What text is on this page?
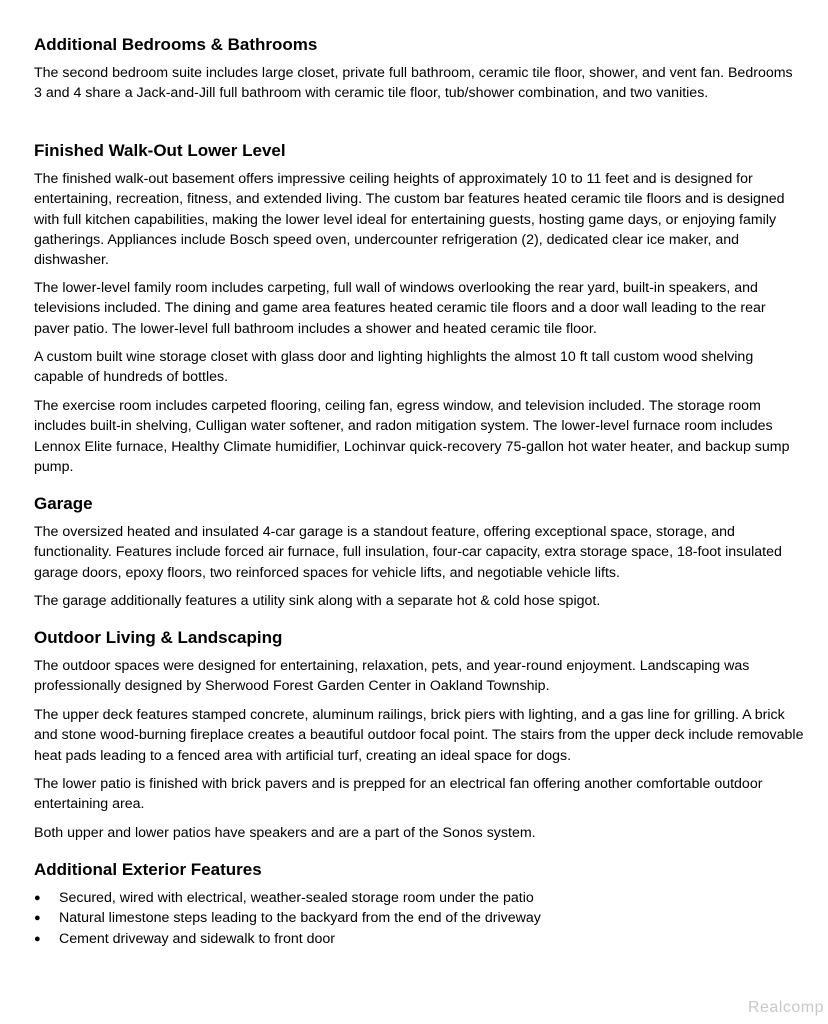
Additional Bedrooms & Bathrooms

The second bedroom suite includes large closet, private full bathroom, ceramic tile floor, shower, and vent fan. Bedrooms 3 and 4 share a Jack-and-Jill full bathroom with ceramic tile floor, tub/shower combination, and two vanities.

Finished Walk-Out Lower Level

The finished walk-out basement offers impressive ceiling heights of approximately 10 to 11 feet and is designed for entertaining, recreation, fitness, and extended living. The custom bar features heated ceramic tile floors and is designed with full kitchen capabilities, making the lower level ideal for entertaining guests, hosting game days, or enjoying family gatherings. Appliances include Bosch speed oven, undercounter refrigeration (2), dedicated clear ice maker, and dishwasher.

The lower-level family room includes carpeting, full wall of windows overlooking the rear yard, built-in speakers, and televisions included. The dining and game area features heated ceramic tile floors and a door wall leading to the rear paver patio. The lower-level full bathroom includes a shower and heated ceramic tile floor.

A custom built wine storage closet with glass door and lighting highlights the almost 10 ft tall custom wood shelving capable of hundreds of bottles.

The exercise room includes carpeted flooring, ceiling fan, egress window, and television included. The storage room includes built-in shelving, Culligan water softener, and radon mitigation system. The lower-level furnace room includes Lennox Elite furnace, Healthy Climate humidifier, Lochinvar quick-recovery 75-gallon hot water heater, and backup sump pump.

Garage

The oversized heated and insulated 4-car garage is a standout feature, offering exceptional space, storage, and functionality. Features include forced air furnace, full insulation, four-car capacity, extra storage space, 18-foot insulated garage doors, epoxy floors, two reinforced spaces for vehicle lifts, and negotiable vehicle lifts.

The garage additionally features a utility sink along with a separate hot & cold hose spigot.

Outdoor Living & Landscaping

The outdoor spaces were designed for entertaining, relaxation, pets, and year-round enjoyment. Landscaping was professionally designed by Sherwood Forest Garden Center in Oakland Township.

The upper deck features stamped concrete, aluminum railings, brick piers with lighting, and a gas line for grilling. A brick and stone wood-burning fireplace creates a beautiful outdoor focal point. The stairs from the upper deck include removable heat pads leading to a fenced area with artificial turf, creating an ideal space for dogs.

The lower patio is finished with brick pavers and is prepped for an electrical fan offering another comfortable outdoor entertaining area.

Both upper and lower patios have speakers and are a part of the Sonos system.

Additional Exterior Features
● Secured, wired with electrical, weather-sealed storage room under the patio
● Natural limestone steps leading to the backyard from the end of the driveway
● Cement driveway and sidewalk to front door
Realcomp
